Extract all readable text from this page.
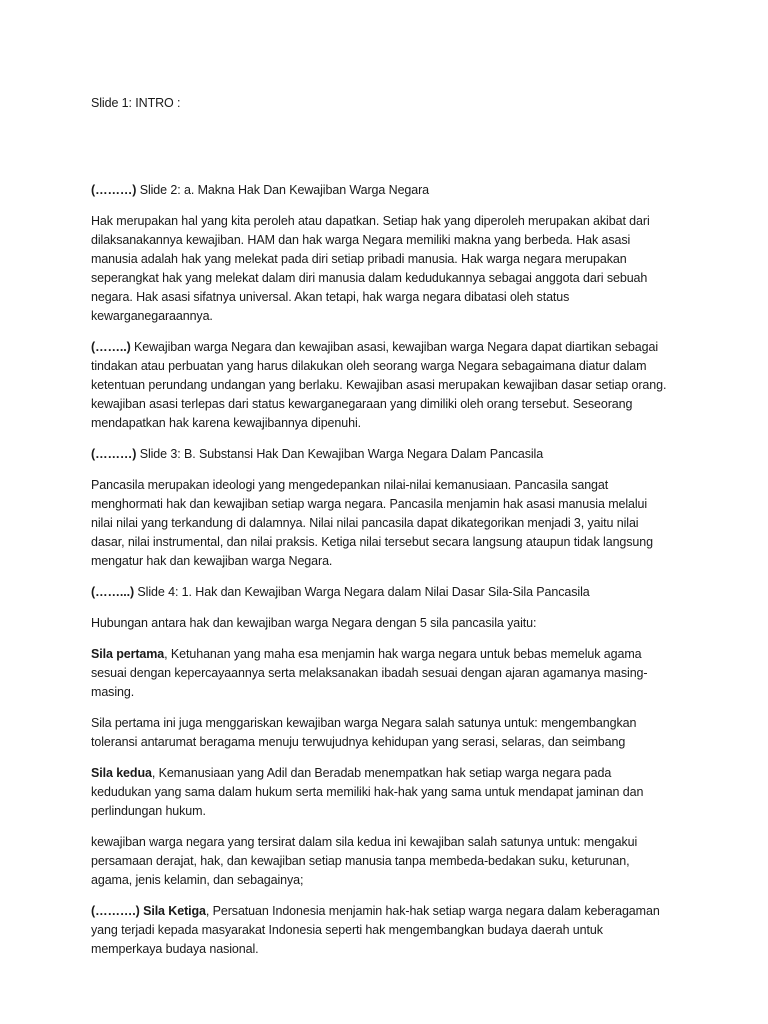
Slide 1: INTRO :

(………) Slide 2: a. Makna Hak Dan Kewajiban Warga Negara

Hak merupakan hal yang kita peroleh atau dapatkan. Setiap hak yang diperoleh merupakan akibat dari dilaksanakannya kewajiban. HAM dan hak warga Negara memiliki makna yang berbeda. Hak asasi manusia adalah hak yang melekat pada diri setiap pribadi manusia. Hak warga negara merupakan seperangkat hak yang melekat dalam diri manusia dalam kedudukannya sebagai anggota dari sebuah negara. Hak asasi sifatnya universal. Akan tetapi, hak warga negara dibatasi oleh status kewarganegaraannya.

(……..) Kewajiban warga Negara dan kewajiban asasi, kewajiban warga Negara dapat diartikan sebagai tindakan atau perbuatan yang harus dilakukan oleh seorang warga Negara sebagaimana diatur dalam ketentuan perundang undangan yang berlaku. Kewajiban asasi merupakan kewajiban dasar setiap orang. kewajiban asasi terlepas dari status kewarganegaraan yang dimiliki oleh orang tersebut. Seseorang mendapatkan hak karena kewajibannya dipenuhi.

(………) Slide 3: B. Substansi Hak Dan Kewajiban Warga Negara Dalam Pancasila

Pancasila merupakan ideologi yang mengedepankan nilai-nilai kemanusiaan. Pancasila sangat menghormati hak dan kewajiban setiap warga negara. Pancasila menjamin hak asasi manusia melalui nilai nilai yang terkandung di dalamnya. Nilai nilai pancasila dapat dikategorikan menjadi 3, yaitu nilai dasar, nilai instrumental, dan nilai praksis. Ketiga nilai tersebut secara langsung ataupun tidak langsung mengatur hak dan kewajiban warga Negara.

(……...) Slide 4: 1. Hak dan Kewajiban Warga Negara dalam Nilai Dasar Sila-Sila Pancasila

Hubungan antara hak dan kewajiban warga Negara dengan 5 sila pancasila yaitu:

Sila pertama, Ketuhanan yang maha esa menjamin hak warga negara untuk bebas memeluk agama sesuai dengan kepercayaannya serta melaksanakan ibadah sesuai dengan ajaran agamanya masing-masing.

Sila pertama ini juga menggariskan kewajiban warga Negara salah satunya untuk: mengembangkan toleransi antarumat beragama menuju terwujudnya kehidupan yang serasi, selaras, dan seimbang

Sila kedua, Kemanusiaan yang Adil dan Beradab menempatkan hak setiap warga negara pada kedudukan yang sama dalam hukum serta memiliki hak-hak yang sama untuk mendapat jaminan dan perlindungan hukum.

kewajiban warga negara yang tersirat dalam sila kedua ini kewajiban salah satunya untuk: mengakui persamaan derajat, hak, dan kewajiban setiap manusia tanpa membeda-bedakan suku, keturunan, agama, jenis kelamin, dan sebagainya;

(……….) Sila Ketiga, Persatuan Indonesia menjamin hak-hak setiap warga negara dalam keberagaman yang terjadi kepada masyarakat Indonesia seperti hak mengembangkan budaya daerah untuk memperkaya budaya nasional.
